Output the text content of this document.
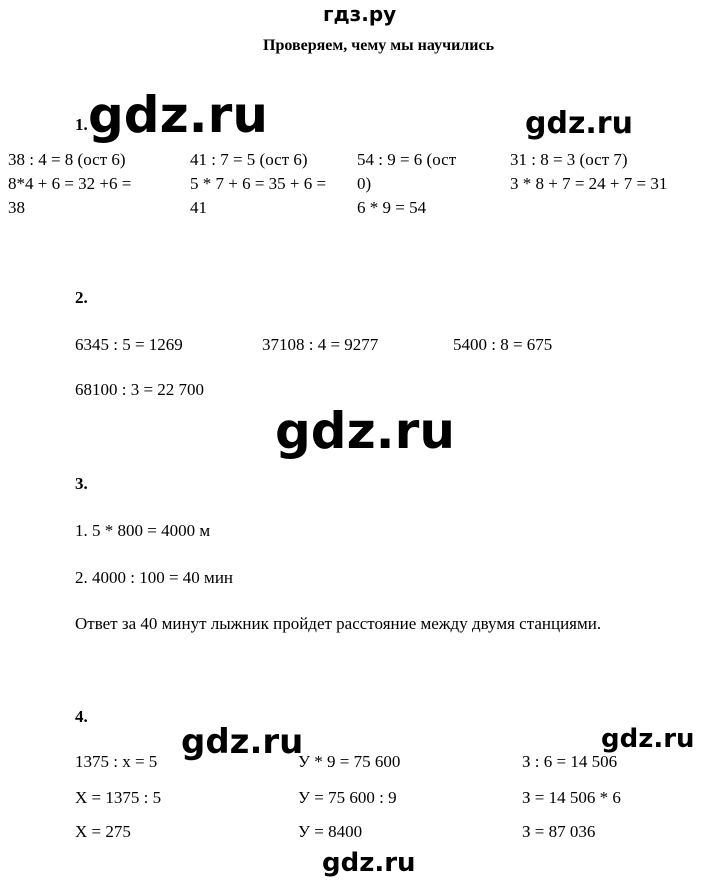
гдз.ру
Проверяем, чему мы научились
1. gdz.ru	gdz.ru
38 : 4 = 8 (ост 6)
8*4 + 6 = 32 +6 =
38
41 : 7 = 5 (ост 6)
5 * 7 + 6 = 35 + 6 =
41
54 : 9 = 6 (ост
0)
6 * 9 = 54
31 : 8 = 3 (ост 7)
3 * 8 + 7 = 24 + 7 = 31
2.
6345 : 5 = 1269	37108 : 4 = 9277	5400 : 8 = 675
68100 : 3 = 22 700
gdz.ru
3.
1. 5 * 800 = 4000 м
2. 4000 : 100 = 40 мин
Ответ за 40 минут лыжник пройдет расстояние между двумя станциями.
4.
gdz.ru	gdz.ru
1375 : х = 5
Х = 1375 : 5
Х = 275
У * 9 = 75 600
У = 75 600 : 9
У = 8400
З : 6 = 14 506
З = 14 506 * 6
З = 87 036
gdz.ru
